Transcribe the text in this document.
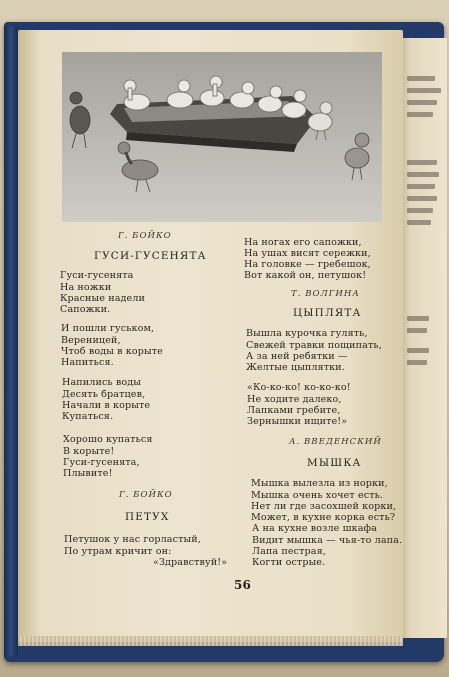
Г. БОЙКО
ГУСИ-ГУСЕНЯТА
Гуси-гусенята
На ножки
Красные надели
Сапожки.
И пошли гуськом,
Вереницей,
Чтоб воды в корыте
Напиться.
Напились воды
Десять братцев,
Начали в корыте
Купаться.
Хорошо купаться
В корыте!
Гуси-гусенята,
Плывите!
Г. БОЙКО
ПЕТУХ
Петушок у нас горластый,
По утрам кричит он:
«Здравствуй!»
На ногах его сапожки,
На ушах висят сережки,
На головке — гребешок,
Вот какой он, петушок!
Т. ВОЛГИНА
ЦЫПЛЯТА
Вышла курочка гулять,
Свежей травки пощипать,
А за ней ребятки —
Желтые цыплятки.
«Ко-ко-ко! ко-ко-ко!
Не ходите далеко,
Лапками гребите,
Зернышки ищите!»
А. ВВЕДЕНСКИЙ
МЫШКА
Мышка вылезла из норки,
Мышка очень хочет есть.
Нет ли где засохшей корки,
Может, в кухне корка есть?
А на кухне возле шкафа
Видит мышка — чья-то лапа.
Лапа пестрая,
Когти острые.
56
